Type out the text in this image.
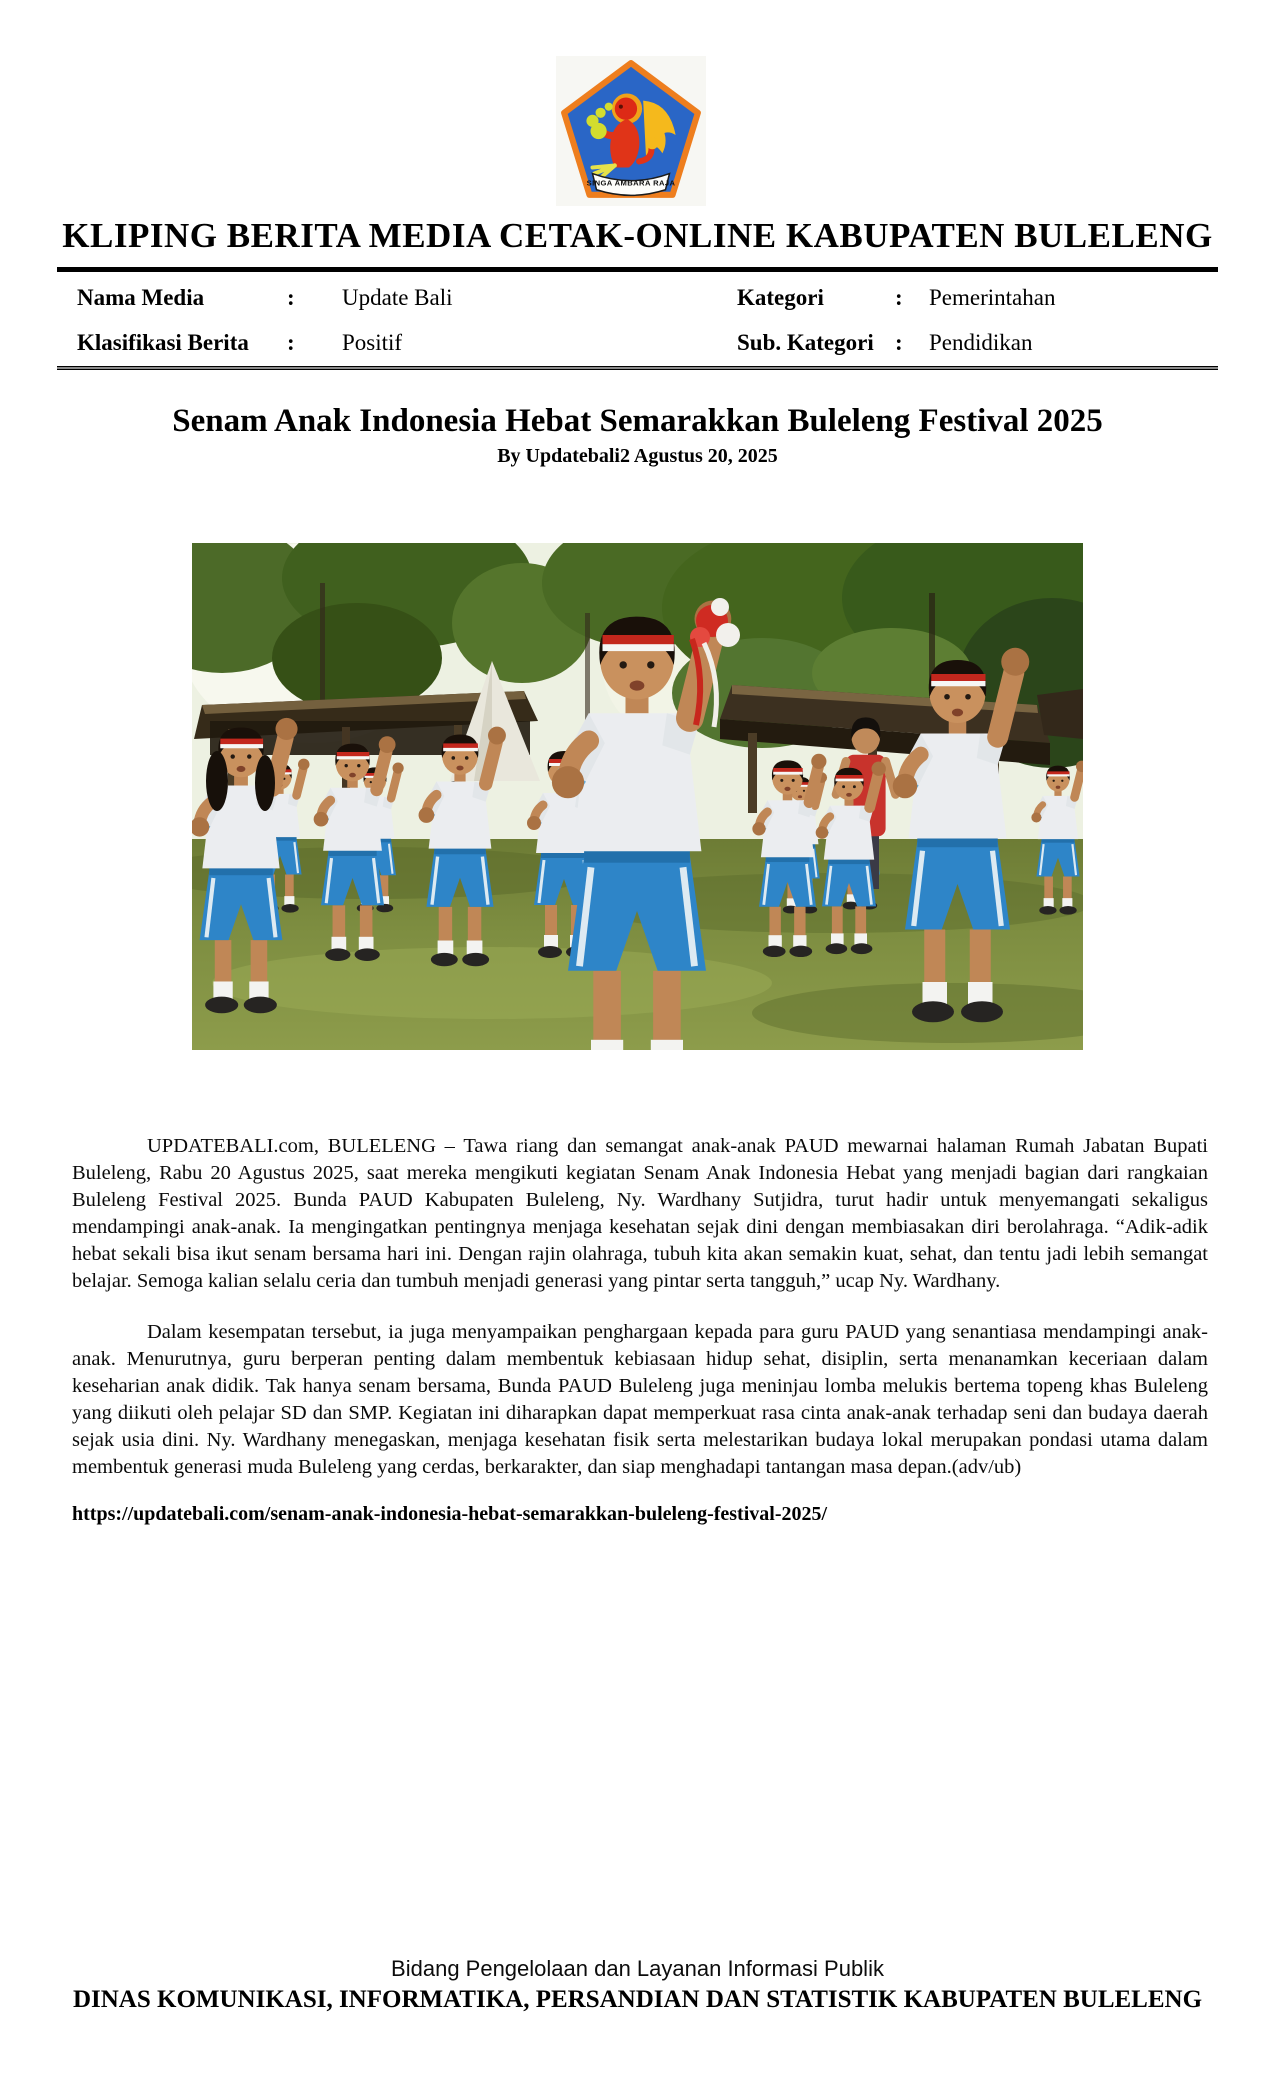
SINGA AMBARA RAJA
KLIPING BERITA MEDIA CETAK-ONLINE KABUPATEN BULELENG
Nama Media	:	Update Bali	Kategori	:	Pemerintahan
Klasifikasi Berita	:	Positif	Sub. Kategori :	Pendidikan
Senam Anak Indonesia Hebat Semarakkan Buleleng Festival 2025
By Updatebali2 Agustus 20, 2025

UPDATEBALI.com, BULELENG – Tawa riang dan semangat anak-anak PAUD mewarnai halaman Rumah Jabatan Bupati Buleleng, Rabu 20 Agustus 2025, saat mereka mengikuti kegiatan Senam Anak Indonesia Hebat yang menjadi bagian dari rangkaian Buleleng Festival 2025. Bunda PAUD Kabupaten Buleleng, Ny. Wardhany Sutjidra, turut hadir untuk menyemangati sekaligus mendampingi anak-anak. Ia mengingatkan pentingnya menjaga kesehatan sejak dini dengan membiasakan diri berolahraga. “Adik-adik hebat sekali bisa ikut senam bersama hari ini. Dengan rajin olahraga, tubuh kita akan semakin kuat, sehat, dan tentu jadi lebih semangat belajar. Semoga kalian selalu ceria dan tumbuh menjadi generasi yang pintar serta tangguh,” ucap Ny. Wardhany.

Dalam kesempatan tersebut, ia juga menyampaikan penghargaan kepada para guru PAUD yang senantiasa mendampingi anak-anak. Menurutnya, guru berperan penting dalam membentuk kebiasaan hidup sehat, disiplin, serta menanamkan keceriaan dalam keseharian anak didik. Tak hanya senam bersama, Bunda PAUD Buleleng juga meninjau lomba melukis bertema topeng khas Buleleng yang diikuti oleh pelajar SD dan SMP. Kegiatan ini diharapkan dapat memperkuat rasa cinta anak-anak terhadap seni dan budaya daerah sejak usia dini. Ny. Wardhany menegaskan, menjaga kesehatan fisik serta melestarikan budaya lokal merupakan pondasi utama dalam membentuk generasi muda Buleleng yang cerdas, berkarakter, dan siap menghadapi tantangan masa depan.(adv/ub)

https://updatebali.com/senam-anak-indonesia-hebat-semarakkan-buleleng-festival-2025/
Bidang Pengelolaan dan Layanan Informasi Publik
DINAS KOMUNIKASI, INFORMATIKA, PERSANDIAN DAN STATISTIK KABUPATEN BULELENG
